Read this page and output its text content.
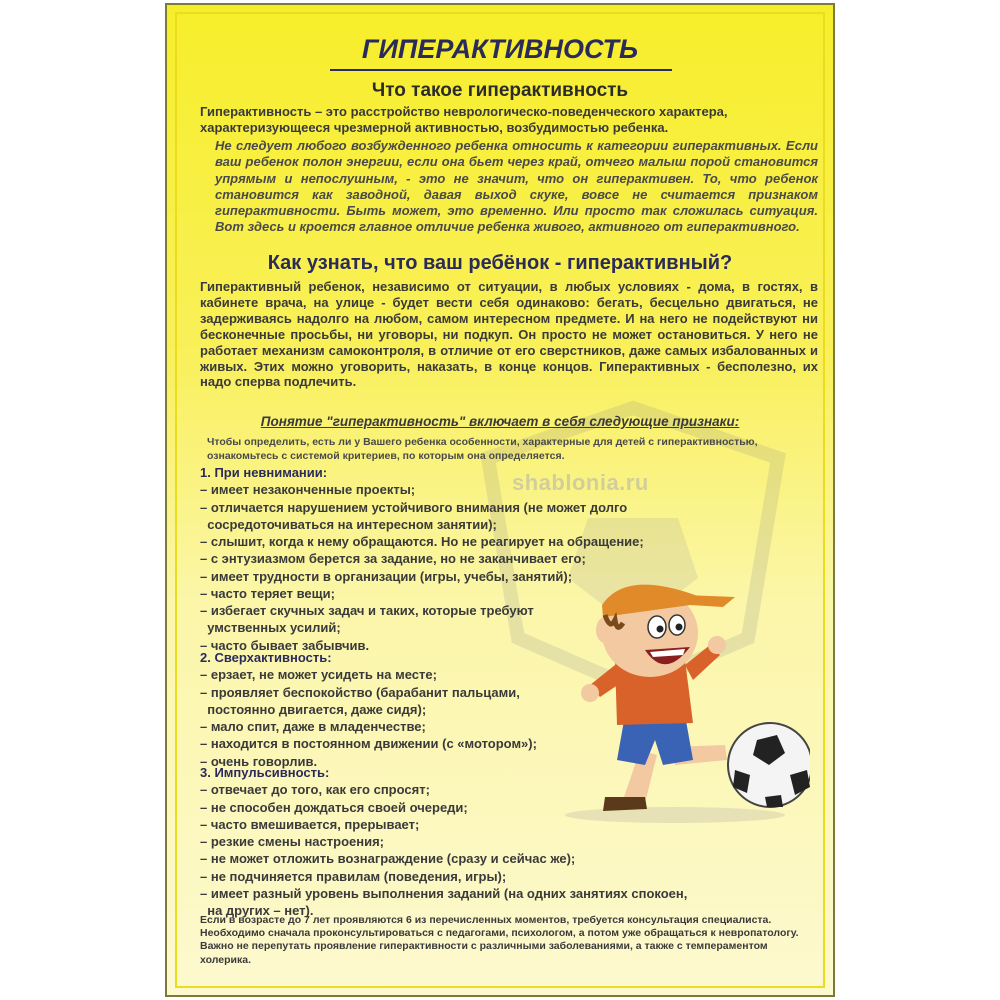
shablonia.ru
ГИПЕРАКТИВНОСТЬ
Что такое гиперактивность
Гиперактивность – это расстройство неврологическо-поведенческого характера, характеризующееся чрезмерной активностью, возбудимостью ребенка.
Не следует любого возбужденного ребенка относить к категории гиперактивных. Если ваш ребенок полон энергии, если она бьет через край, отчего малыш порой становится упрямым и непослушным, - это не значит, что он гиперактивен. То, что ребенок становится как заводной, давая выход скуке, вовсе не считается признаком гиперактивности. Быть может, это временно. Или просто так сложилась ситуация. Вот здесь и кроется главное отличие ребенка живого, активного от гиперактивного.
Как узнать, что ваш ребёнок - гиперактивный?
Гиперактивный ребенок, независимо от ситуации, в любых условиях - дома, в гостях, в кабинете врача, на улице - будет вести себя одинаково: бегать, бесцельно двигаться, не задерживаясь надолго на любом, самом интересном предмете. И на него не подействуют ни бесконечные просьбы, ни уговоры, ни подкуп. Он просто не может остановиться. У него не работает механизм самоконтроля, в отличие от его сверстников, даже самых избалованных и живых. Этих можно уговорить, наказать, в конце концов. Гиперактивных - бесполезно, их надо сперва подлечить.
Понятие "гиперактивность" включает в себя следующие признаки:
Чтобы определить, есть ли у Вашего ребенка особенности, характерные для детей с гиперактивностью, ознакомьтесь с системой критериев, по которым она определяется.
1. При невнимании:
– имеет незаконченные проекты;
– отличается нарушением устойчивого внимания (не может долго
сосредоточиваться на интересном занятии);
– слышит, когда к нему обращаются. Но не реагирует на обращение;
– с энтузиазмом берется за задание, но не заканчивает его;
– имеет трудности в организации (игры, учебы, занятий);
– часто теряет вещи;
– избегает скучных задач и таких, которые требуют
умственных усилий;
– часто бывает забывчив.
2. Сверхактивность:
– ерзает, не может усидеть на месте;
– проявляет беспокойство (барабанит пальцами,
постоянно двигается, даже сидя);
– мало спит, даже в младенчестве;
– находится в постоянном движении (с «мотором»);
– очень говорлив.
3. Импульсивность:
– отвечает до того, как его спросят;
– не способен дождаться своей очереди;
– часто вмешивается, прерывает;
– резкие смены настроения;
– не может отложить вознаграждение (сразу и сейчас же);
– не подчиняется правилам (поведения, игры);
– имеет разный уровень выполнения заданий (на одних занятиях спокоен,
на других – нет).
Если в возрасте до 7 лет проявляются 6 из перечисленных моментов, требуется консультация специалиста. Необходимо сначала проконсультироваться с педагогами, психологом, а потом уже обращаться к невропатологу. Важно не перепутать проявление гиперактивности с различными заболеваниями, а также с темпераментом холерика.
